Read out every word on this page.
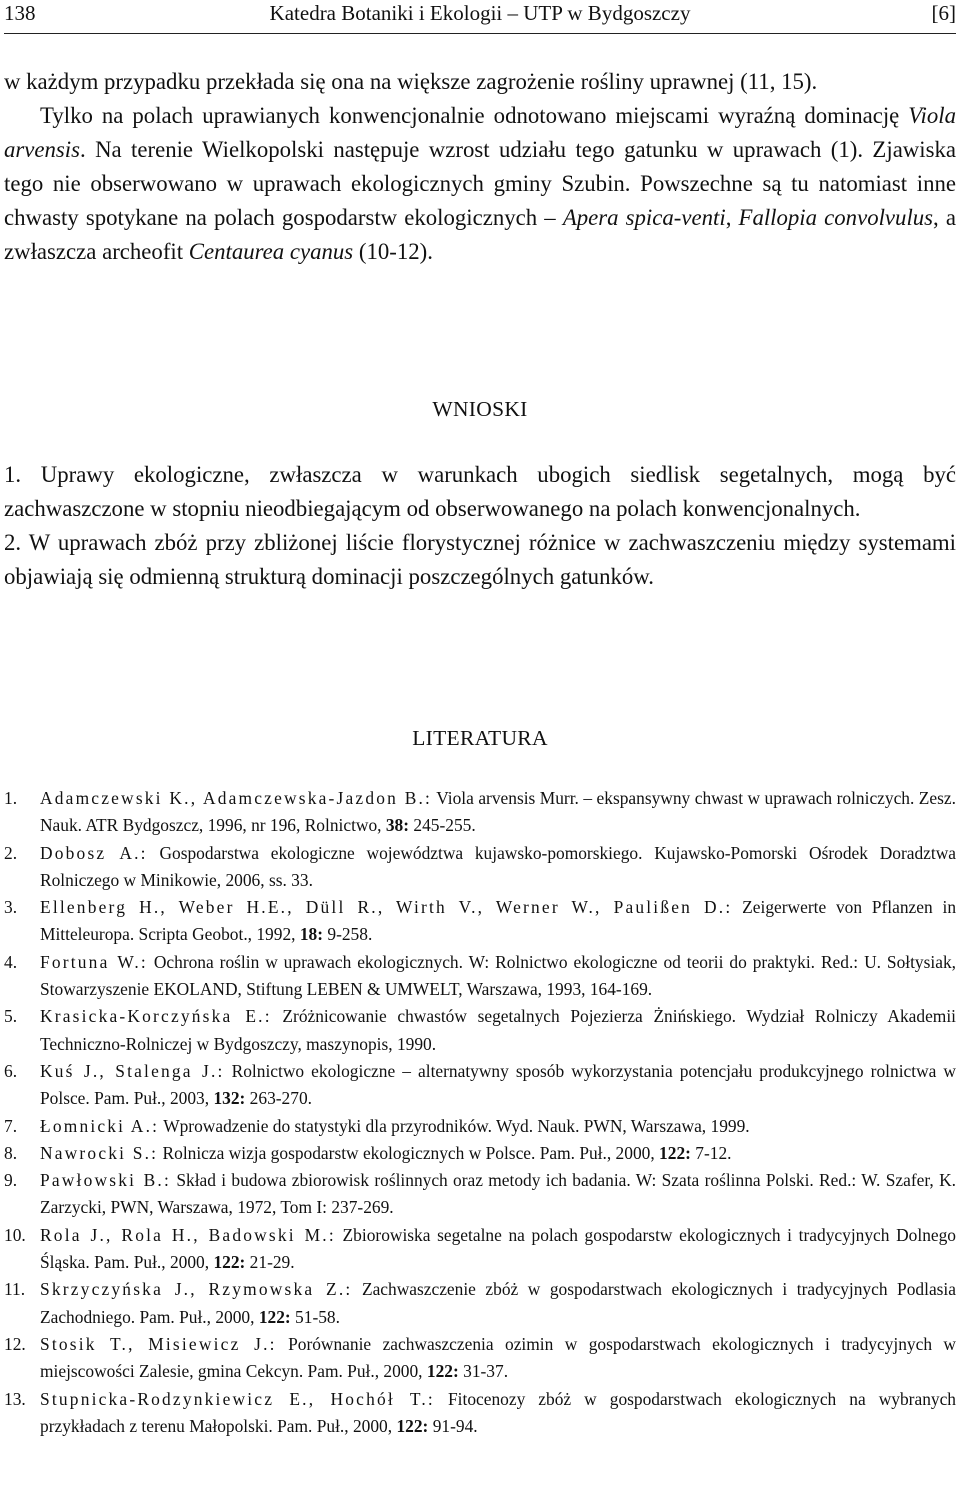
138	Katedra Botaniki i Ekologii – UTP w Bydgoszczy	[6]

w każdym przypadku przekłada się ona na większe zagrożenie rośliny uprawnej (11, 15).

Tylko na polach uprawianych konwencjonalnie odnotowano miejscami wyraźną dominację Viola arvensis. Na terenie Wielkopolski następuje wzrost udziału tego gatunku w uprawach (1). Zjawiska tego nie obserwowano w uprawach ekologicznych gminy Szubin. Powszechne są tu natomiast inne chwasty spotykane na polach gospodarstw ekologicznych – Apera spica-venti, Fallopia convolvulus, a zwłaszcza archeofit Centaurea cyanus (10-12).

WNIOSKI

1. Uprawy ekologiczne, zwłaszcza w warunkach ubogich siedlisk segetalnych, mogą być zachwaszczone w stopniu nieodbiegającym od obserwowanego na polach konwencjonalnych.

2. W uprawach zbóż przy zbliżonej liście florystycznej różnice w zachwaszczeniu między systemami objawiają się odmienną strukturą dominacji poszczególnych gatunków.

LITERATURA

1. Adamczewski K., Adamczewska-Jazdon B.: Viola arvensis Murr. – ekspansywny chwast w uprawach rolniczych. Zesz. Nauk. ATR Bydgoszcz, 1996, nr 196, Rolnictwo, 38: 245-255.

2. Dobosz A.: Gospodarstwa ekologiczne województwa kujawsko-pomorskiego. Kujawsko-Pomorski Ośrodek Doradztwa Rolniczego w Minikowie, 2006, ss. 33.

3. Ellenberg H., Weber H.E., Düll R., Wirth V., Werner W., Paulißen D.: Zeigerwerte von Pflanzen in Mitteleuropa. Scripta Geobot., 1992, 18: 9-258.

4. Fortuna W.: Ochrona roślin w uprawach ekologicznych. W: Rolnictwo ekologiczne od teorii do praktyki. Red.: U. Sołtysiak, Stowarzyszenie EKOLAND, Stiftung LEBEN & UMWELT, Warszawa, 1993, 164-169.

5. Krasicka-Korczyńska E.: Zróżnicowanie chwastów segetalnych Pojezierza Żnińskiego. Wydział Rolniczy Akademii Techniczno-Rolniczej w Bydgoszczy, maszynopis, 1990.

6. Kuś J., Stalenga J.: Rolnictwo ekologiczne – alternatywny sposób wykorzystania potencjału produkcyjnego rolnictwa w Polsce. Pam. Puł., 2003, 132: 263-270.

7. Łomnicki A.: Wprowadzenie do statystyki dla przyrodników. Wyd. Nauk. PWN, Warszawa, 1999.

8. Nawrocki S.: Rolnicza wizja gospodarstw ekologicznych w Polsce. Pam. Puł., 2000, 122: 7-12.

9. Pawłowski B.: Skład i budowa zbiorowisk roślinnych oraz metody ich badania. W: Szata roślinna Polski. Red.: W. Szafer, K. Zarzycki, PWN, Warszawa, 1972, Tom I: 237-269.

10. Rola J., Rola H., Badowski M.: Zbiorowiska segetalne na polach gospodarstw ekologicznych i tradycyjnych Dolnego Śląska. Pam. Puł., 2000, 122: 21-29.

11. Skrzyczyńska J., Rzymowska Z.: Zachwaszczenie zbóż w gospodarstwach ekologicznych i tradycyjnych Podlasia Zachodniego. Pam. Puł., 2000, 122: 51-58.

12. Stosik T., Misiewicz J.: Porównanie zachwaszczenia ozimin w gospodarstwach ekologicznych i tradycyjnych w miejscowości Zalesie, gmina Cekcyn. Pam. Puł., 2000, 122: 31-37.

13. Stupnicka-Rodzynkiewicz E., Hochół T.: Fitocenozy zbóż w gospodarstwach ekologicznych na wybranych przykładach z terenu Małopolski. Pam. Puł., 2000, 122: 91-94.
